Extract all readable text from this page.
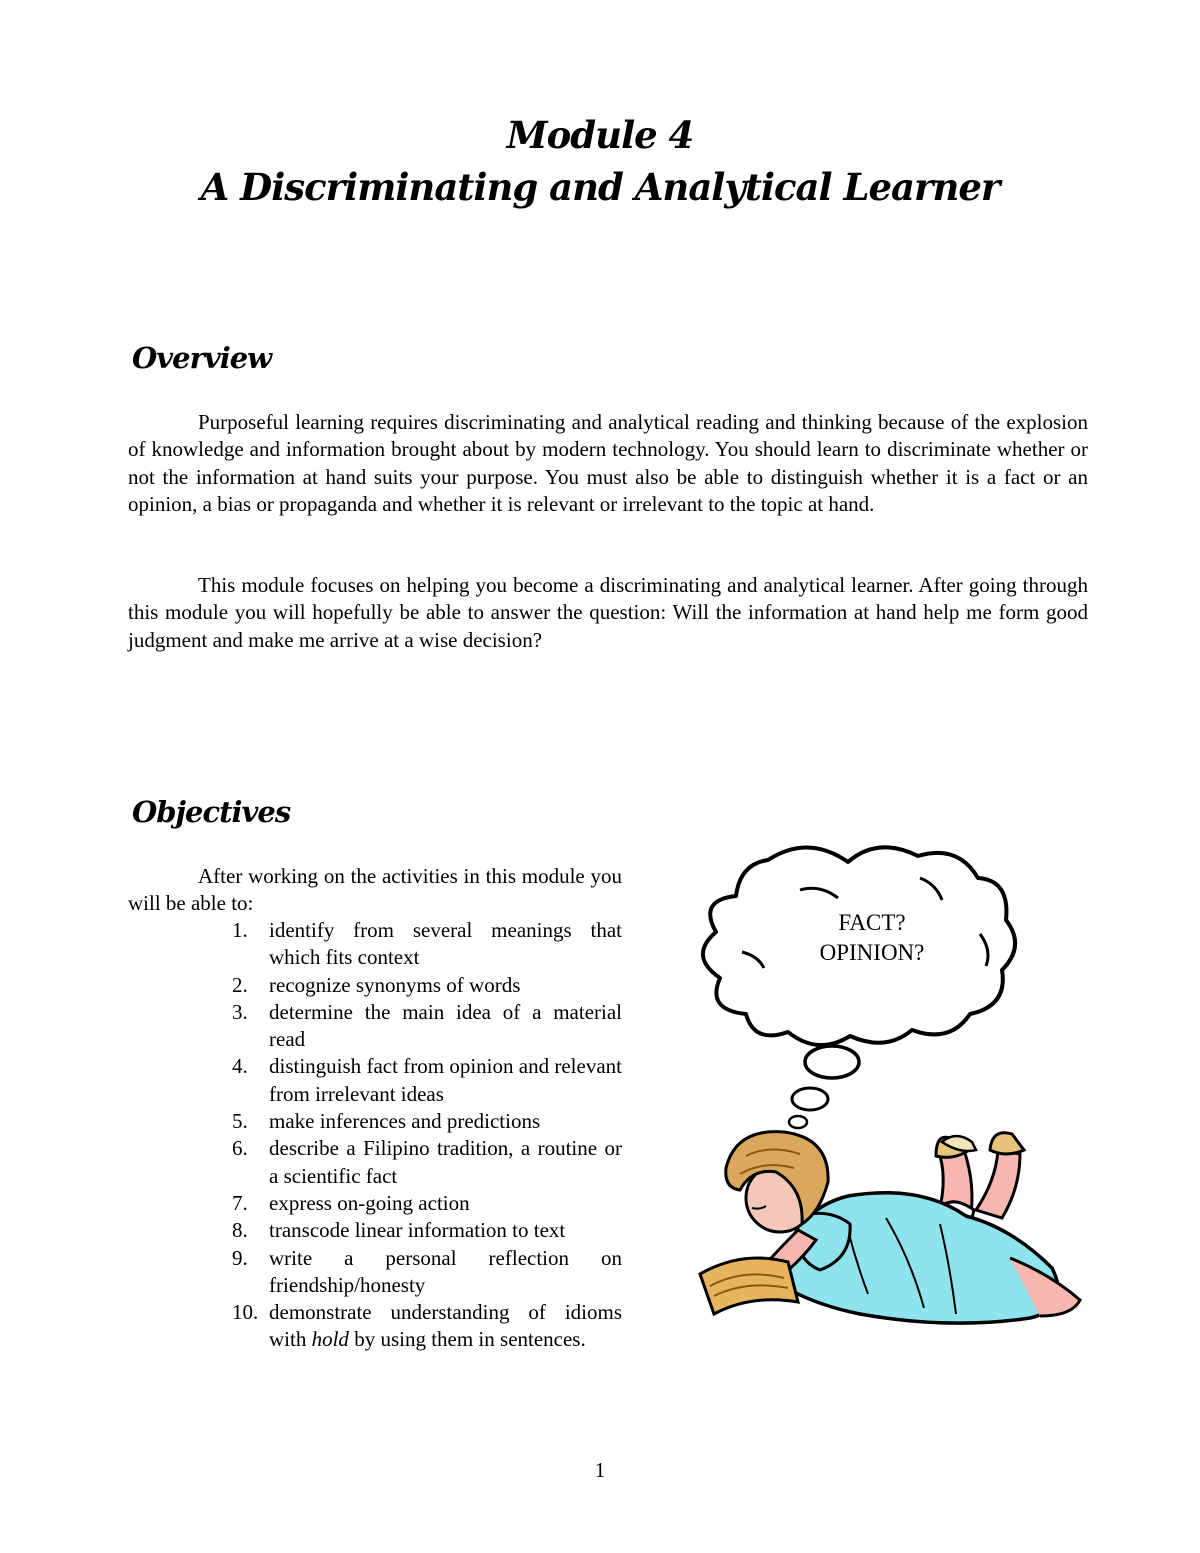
Module 4
A Discriminating and Analytical Learner
Overview

Purposeful learning requires discriminating and analytical reading and thinking because of the explosion of knowledge and information brought about by modern technology. You should learn to discriminate whether or not the information at hand suits your purpose. You must also be able to distinguish whether it is a fact or an opinion, a bias or propaganda and whether it is relevant or irrelevant to the topic at hand.

This module focuses on helping you become a discriminating and analytical learner. After going through this module you will hopefully be able to answer the question: Will the information at hand help me form good judgment and make me arrive at a wise decision?

Objectives

After working on the activities in this module you will be able to:

1.	identify from several meanings that which fits context
2.	recognize synonyms of words
3.	determine the main idea of a material read
4.	distinguish fact from opinion and relevant from irrelevant ideas
5.	make inferences and predictions
6.	describe a Filipino tradition, a routine or a scientific fact
7.	express on-going action
8.	transcode linear information to text
9.	write a personal reflection on friendship/honesty
10. demonstrate understanding of idioms with hold by using them in sentences.
FACT?
OPINION?
1
